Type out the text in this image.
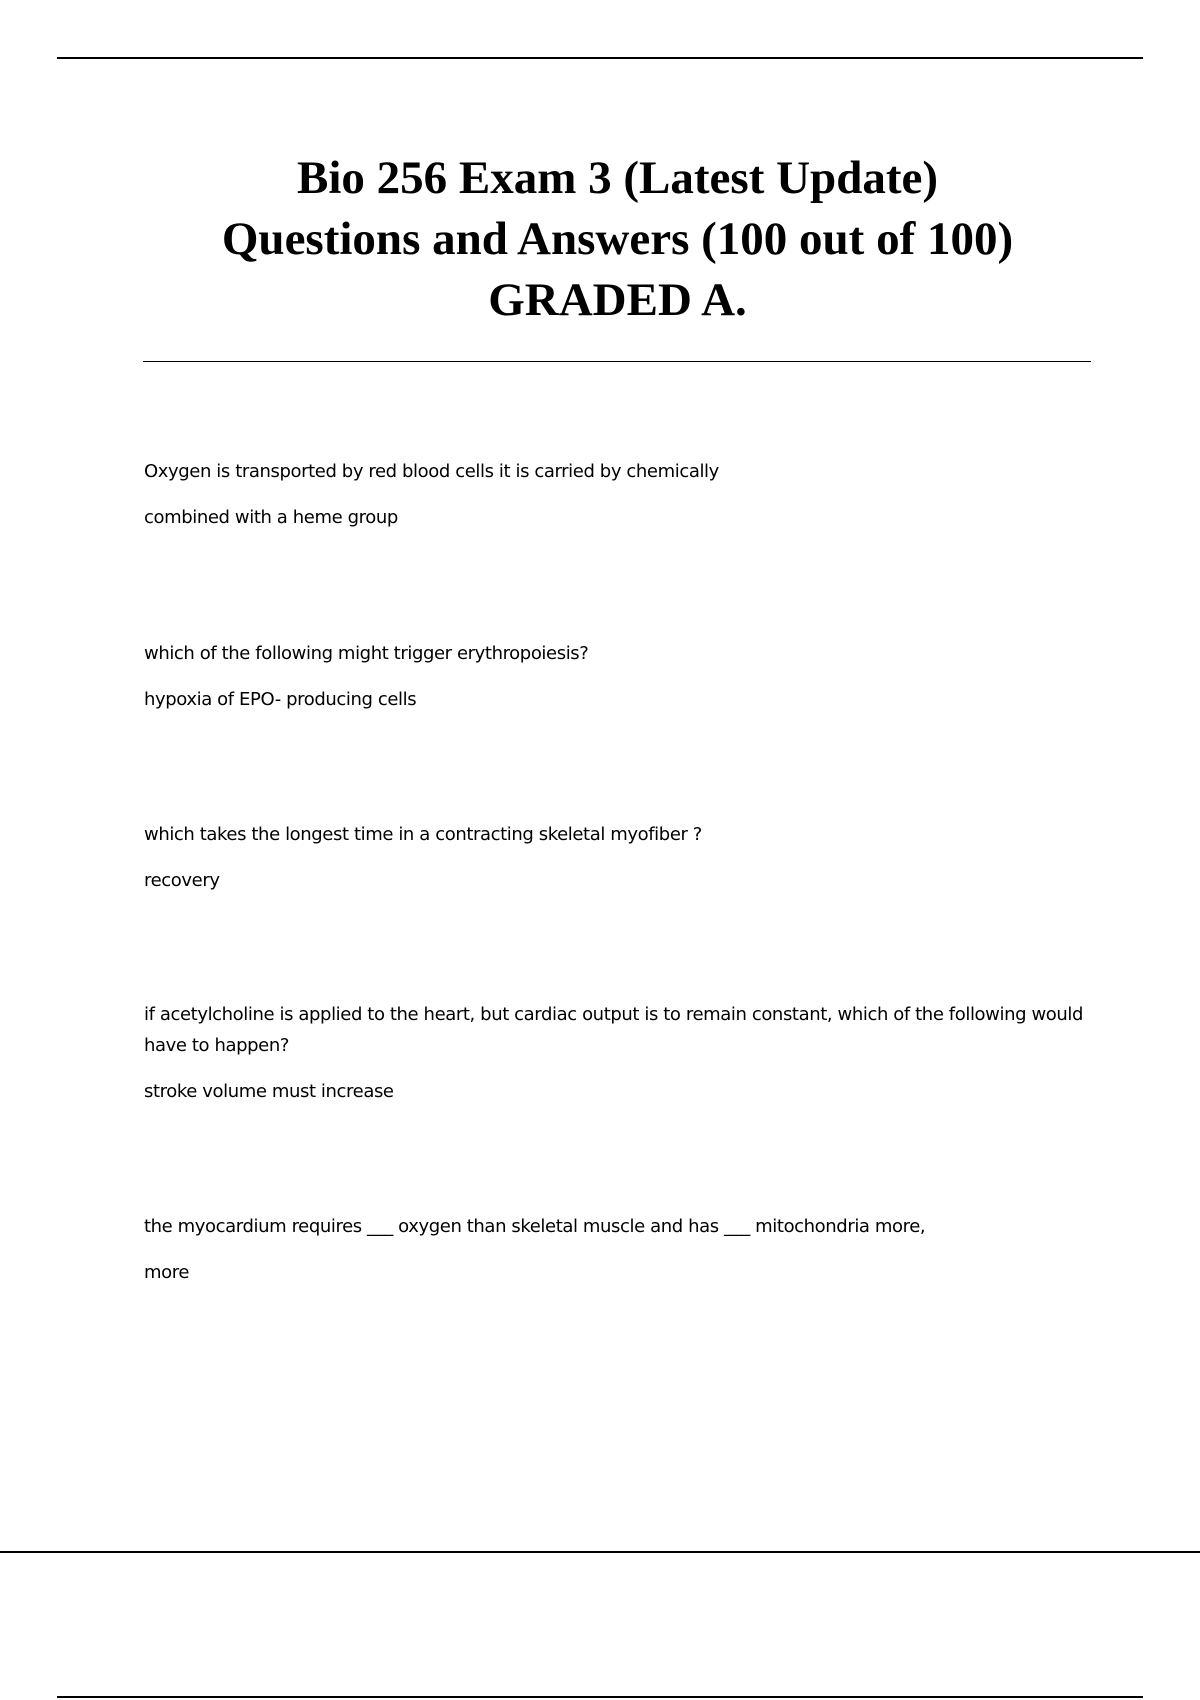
Bio 256 Exam 3 (Latest Update)
Questions and Answers (100 out of 100)
GRADED A.
Oxygen is transported by red blood cells it is carried by chemically
combined with a heme group
which of the following might trigger erythropoiesis?
hypoxia of EPO- producing cells
which takes the longest time in a contracting skeletal myofiber ?
recovery
if acetylcholine is applied to the heart, but cardiac output is to remain constant, which of the following would have to happen?
stroke volume must increase
the myocardium requires ___ oxygen than skeletal muscle and has ___ mitochondria more,
more
